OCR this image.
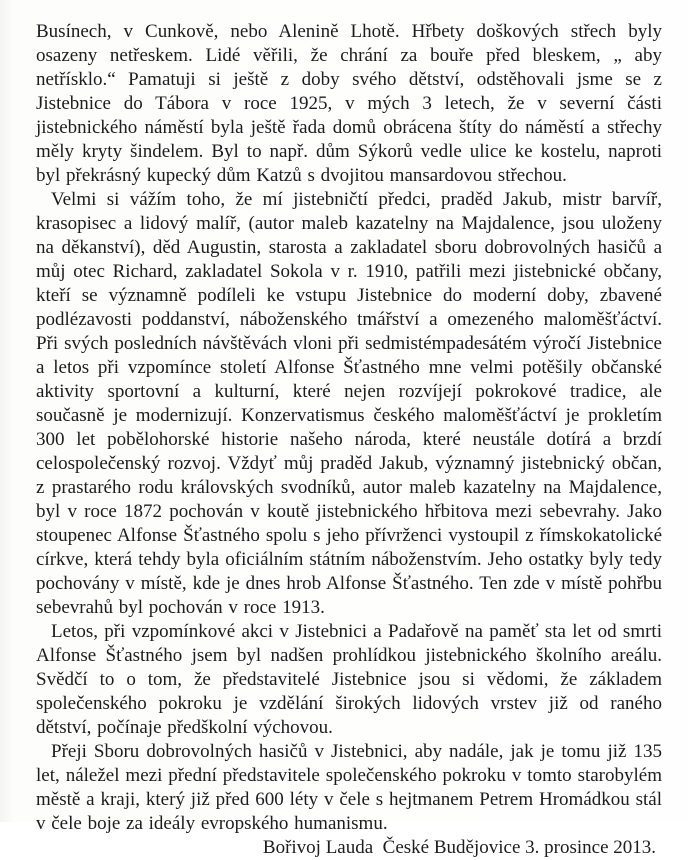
Busínech, v Cunkově, nebo Alenině Lhotě. Hřbety doškových střech byly osazeny netřeskem. Lidé věřili, že chrání za bouře před bleskem, „ aby netřísklo.“ Pamatuji si ještě z doby svého dětství, odstěhovali jsme se z Jistebnice do Tábora v roce 1925, v mých 3 letech, že v severní části jistebnického náměstí byla ještě řada domů obrácena štíty do náměstí a střechy měly kryty šindelem. Byl to např. dům Sýkorů vedle ulice ke kostelu, naproti byl překrásný kupecký dům Katzů s dvojitou mansardovou střechou.

Velmi si vážím toho, že mí jistebničtí předci, praděd Jakub, mistr barvíř, krasopisec a lidový malíř, (autor maleb kazatelny na Majdalence, jsou uloženy na děkanství), děd Augustin, starosta a zakladatel sboru dobrovolných hasičů a můj otec Richard, zakladatel Sokola v r. 1910, patřili mezi jistebnické občany, kteří se významně podíleli ke vstupu Jistebnice do moderní doby, zbavené podlézavosti poddanství, náboženského tmářství a omezeného maloměšťáctví. Při svých posledních návštěvách vloni při sedmistémpadesátém výročí Jistebnice a letos při vzpomínce století Alfonse Šťastného mne velmi potěšily občanské aktivity sportovní a kulturní, které nejen rozvíjejí pokrokové tradice, ale současně je modernizují. Konzervatismus českého maloměšťáctví je prokletím 300 let pobělohorské historie našeho národa, které neustále dotírá a brzdí celospolečenský rozvoj. Vždyť můj praděd Jakub, významný jistebnický občan, z prastarého rodu královských svodníků, autor maleb kazatelny na Majdalence, byl v roce 1872 pochován v koutě jistebnického hřbitova mezi sebevrahy. Jako stoupenec Alfonse Šťastného spolu s jeho přívrženci vystoupil z římskokatolické církve, která tehdy byla oficiálním státním náboženstvím. Jeho ostatky byly tedy pochovány v místě, kde je dnes hrob Alfonse Šťastného. Ten zde v místě pohřbu sebevrahů byl pochován v roce 1913.

Letos, při vzpomínkové akci v Jistebnici a Padařově na paměť sta let od smrti Alfonse Šťastného jsem byl nadšen prohlídkou jistebnického školního areálu. Svědčí to o tom, že představitelé Jistebnice jsou si vědomi, že základem společenského pokroku je vzdělání širokých lidových vrstev již od raného dětství, počínaje předškolní výchovou.

Přeji Sboru dobrovolných hasičů v Jistebnici, aby nadále, jak je tomu již 135 let, náležel mezi přední představitele společenského pokroku v tomto starobylém městě a kraji, který již před 600 léty v čele s hejtmanem Petrem Hromádkou stál v čele boje za ideály evropského humanismu.

Bořivoj Lauda  České Budějovice 3. prosince 2013.
